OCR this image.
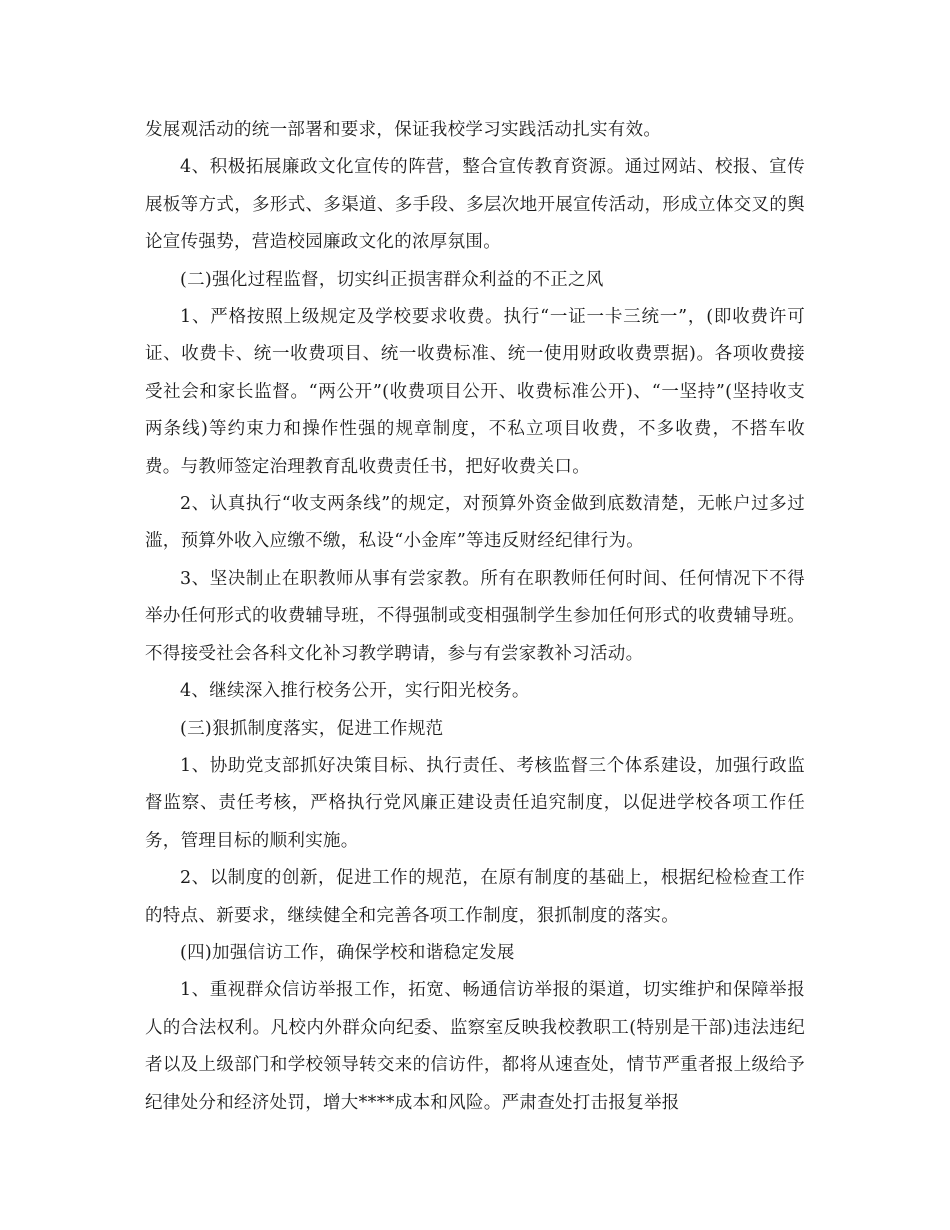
发展观活动的统一部署和要求，保证我校学习实践活动扎实有效。

4、积极拓展廉政文化宣传的阵营，整合宣传教育资源。通过网站、校报、宣传展板等方式，多形式、多渠道、多手段、多层次地开展宣传活动，形成立体交叉的舆论宣传强势，营造校园廉政文化的浓厚氛围。

(二)强化过程监督，切实纠正损害群众利益的不正之风

1、严格按照上级规定及学校要求收费。执行“一证一卡三统一”，(即收费许可证、收费卡、统一收费项目、统一收费标准、统一使用财政收费票据)。各项收费接受社会和家长监督。“两公开”(收费项目公开、收费标准公开)、“一坚持”(坚持收支两条线)等约束力和操作性强的规章制度，不私立项目收费，不多收费，不搭车收费。与教师签定治理教育乱收费责任书，把好收费关口。

2、认真执行“收支两条线”的规定，对预算外资金做到底数清楚，无帐户过多过滥，预算外收入应缴不缴，私设“小金库”等违反财经纪律行为。

3、坚决制止在职教师从事有尝家教。所有在职教师任何时间、任何情况下不得举办任何形式的收费辅导班，不得强制或变相强制学生参加任何形式的收费辅导班。不得接受社会各科文化补习教学聘请，参与有尝家教补习活动。

4、继续深入推行校务公开，实行阳光校务。

(三)狠抓制度落实，促进工作规范

1、协助党支部抓好决策目标、执行责任、考核监督三个体系建设，加强行政监督监察、责任考核，严格执行党风廉正建设责任追究制度，以促进学校各项工作任务，管理目标的顺利实施。

2、以制度的创新，促进工作的规范，在原有制度的基础上，根据纪检检查工作的特点、新要求，继续健全和完善各项工作制度，狠抓制度的落实。

(四)加强信访工作，确保学校和谐稳定发展

1、重视群众信访举报工作，拓宽、畅通信访举报的渠道，切实维护和保障举报人的合法权利。凡校内外群众向纪委、监察室反映我校教职工(特别是干部)违法违纪者以及上级部门和学校领导转交来的信访件，都将从速查处，情节严重者报上级给予纪律处分和经济处罚，增大****成本和风险。严肃查处打击报复举报
